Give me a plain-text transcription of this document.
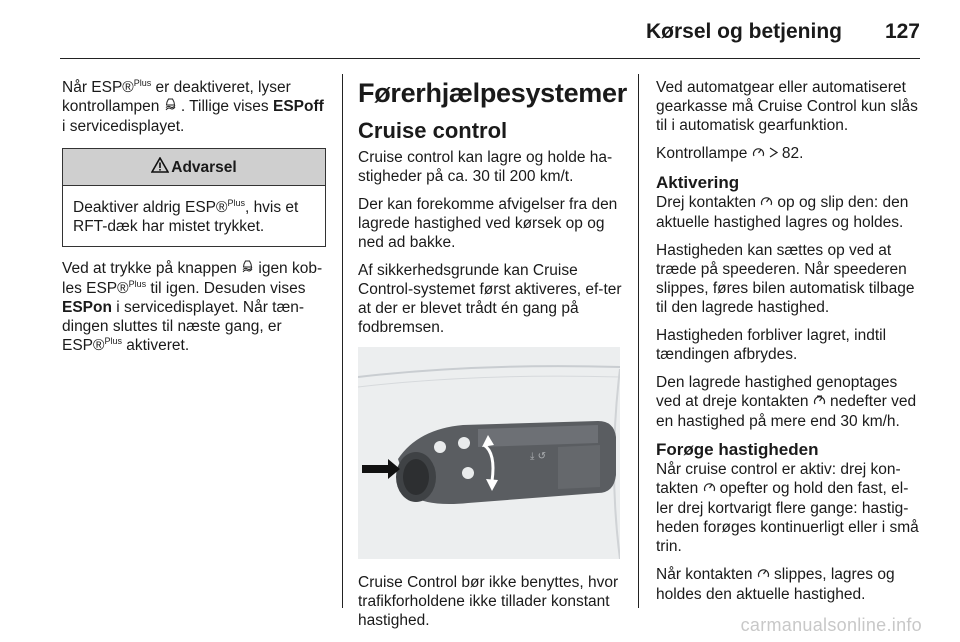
Kørsel og betjening 127

Når ESP®$^{Plus}$ er deaktiveret, lyser kontrollampen  . Tillige vises ESPoff i servicedisplayet.

Advarsel
Deaktiver aldrig ESP®$^{Plus}$, hvis et RFT-dæk har mistet trykket.

Ved at trykke på knappen  igen kob-les ESP®$^{Plus}$ til igen. Desuden vises ESPon i servicedisplayet. Når tæn-dingen sluttes til næste gang, er ESP®$^{Plus}$ aktiveret.

Førerhjælpesystemer
Cruise control

Cruise control kan lagre og holde ha-stigheder på ca. 30 til 200 km/t.

Der kan forekomme afvigelser fra den lagrede hastighed ved kørsek op og ned ad bakke.

Af sikkerhedsgrunde kan Cruise Control-systemet først aktiveres, ef-ter at der er blevet trådt én gang på fodbremsen.

⤓ ↺

Cruise Control bør ikke benyttes, hvor trafikforholdene ikke tillader konstant hastighed.

Ved automatgear eller automatiseret gearkasse må Cruise Control kun slås til i automatisk gearfunktion.

Kontrollampe   82.

Aktivering

Drej kontakten  op og slip den: den aktuelle hastighed lagres og holdes.

Hastigheden kan sættes op ved at træde på speederen. Når speederen slippes, føres bilen automatisk tilbage til den lagrede hastighed.

Hastigheden forbliver lagret, indtil tændingen afbrydes.

Den lagrede hastighed genoptages ved at dreje kontakten  nedefter ved en hastighed på mere end 30 km/h.

Forøge hastigheden

Når cruise control er aktiv: drej kon-takten  opefter og hold den fast, el-ler drej kortvarigt flere gange: hastig-heden forøges kontinuerligt eller i små trin.

Når kontakten  slippes, lagres og holdes den aktuelle hastighed.

carmanualsonline.info
